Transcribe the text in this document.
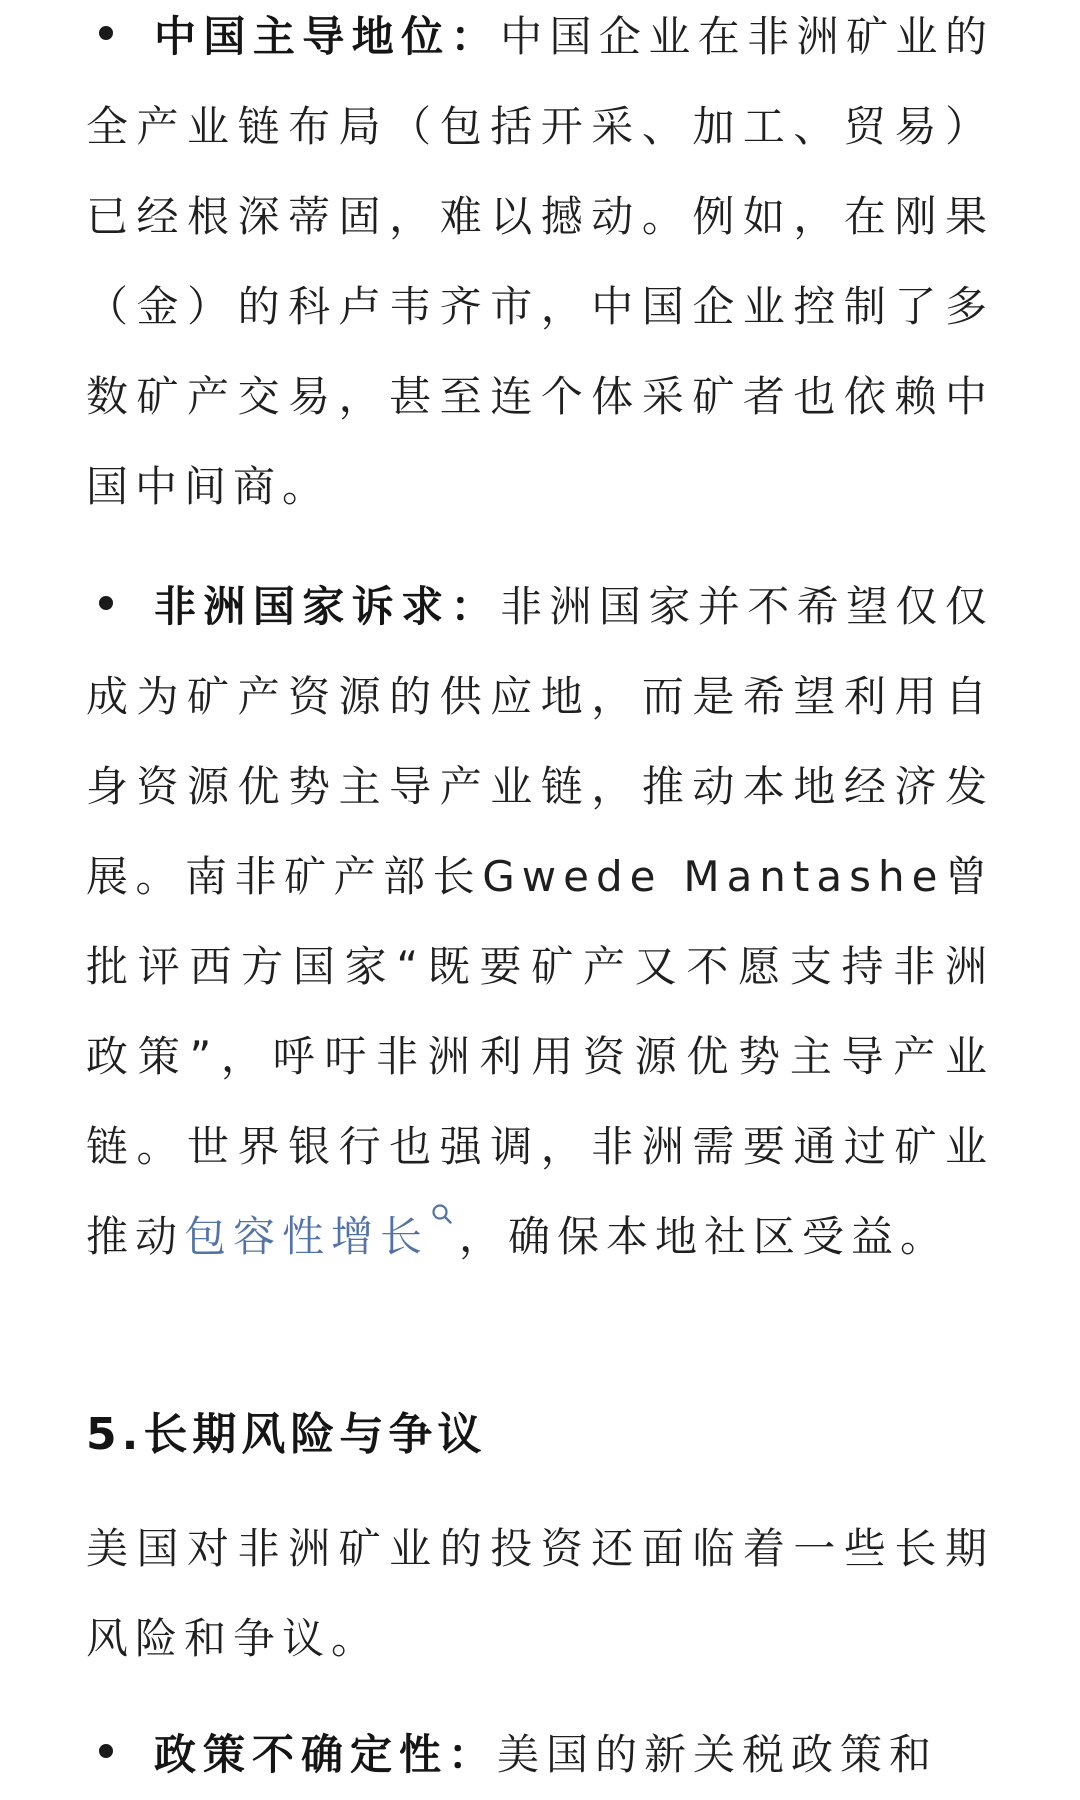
中国主导地位：中国企业在非洲矿业的全产业链布局（包括开采、加工、贸易）已经根深蒂固，难以撼动。例如，在刚果（金）的科卢韦齐市，中国企业控制了多数矿产交易，甚至连个体采矿者也依赖中国中间商。
非洲国家诉求：非洲国家并不希望仅仅成为矿产资源的供应地，而是希望利用自身资源优势主导产业链，推动本地经济发展。南非矿产部长Gwede Mantashe曾批评西方国家“既要矿产又不愿支持非洲政策”，呼吁非洲利用资源优势主导产业链。世界银行也强调，非洲需要通过矿业推动包容性增长 ，确保本地社区受益。
政策不确定性：美国的新关税政策和
5.长期风险与争议

美国对非洲矿业的投资还面临着一些长期风险和争议。
